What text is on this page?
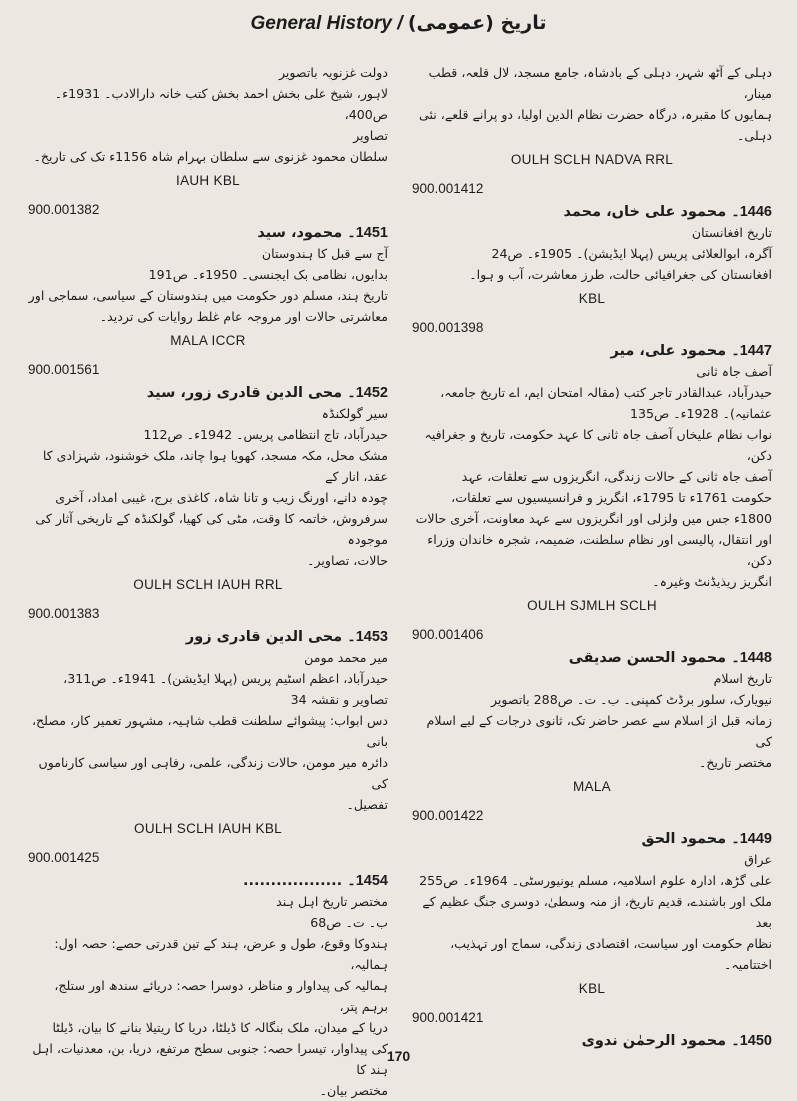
General History / تاریخ (عمومی)
دہلی کے آٹھ شہر، دہلی کے بادشاہ، جامع مسجد، لال قلعہ، قطب مینار،
ہمایوں کا مقبرہ، درگاہ حضرت نظام الدین اولیا، دو پرانے قلعے، نئی
دہلی۔
OULH SCLH NADVA RRL
900.001412
1446۔ محمود علی خاں، محمد
تاریخ افغانستان
آگرہ، ابوالعلائی پریس (پہلا ایڈیشن)۔ 1905ء۔ ص24
افغانستان کی جغرافیائی حالت، طرز معاشرت، آب و ہوا۔
KBL
900.001398
1447۔ محمود علی، میر
آصف جاہ ثانی
حیدرآباد، عبدالقادر تاجر کتب (مقالہ امتحان ایم، اے تاریخ جامعہ،
عثمانیہ)۔ 1928ء۔ ص135
نواب نظام علیخاں آصف جاہ ثانی کا عہد حکومت، تاریخ و جغرافیہ دکن،
آصف جاہ ثانی کے حالات زندگی، انگریزوں سے تعلقات، عہد
حکومت 1761ء تا 1795ء، انگریز و فرانسیسیوں سے تعلقات،
1800ء جس میں ولزلی اور انگریزوں سے عہد معاونت، آخری حالات
اور انتقال، پالیسی اور نظام سلطنت، ضمیمہ، شجرہ خاندان وزراء دکن،
انگریز ریذیڈنٹ وغیرہ۔
OULH SJMLH SCLH
900.001406
1448۔ محمود الحسن صدیقی
تاریخ اسلام
نیویارک، سلور برڈٹ کمپنی۔ ب۔ ت۔ ص288 باتصویر
زمانہ قبل از اسلام سے عصر حاضر تک، ثانوی درجات کے لیے اسلام کی
مختصر تاریخ۔
MALA
900.001422
1449۔ محمود الحق
عراق
علی گڑھ، ادارہ علوم اسلامیہ، مسلم یونیورسٹی۔ 1964ء۔ ص255
ملک اور باشندے، قدیم تاریخ، از منہ وسطیٰ، دوسری جنگ عظیم کے بعد
نظام حکومت اور سیاست، اقتصادی زندگی، سماج اور تہذیب، اختتامیہ۔
KBL
900.001421
1450۔ محمود الرحمٰن ندوی
دولت غزنویہ باتصویر
لاہور، شیخ علی بخش احمد بخش کتب خانہ دارالادب۔ 1931ء۔ ص400،
تصاویر
سلطان محمود غزنوی سے سلطان بہرام شاہ 1156ء تک کی تاریخ۔
IAUH KBL
900.001382
1451۔ محمود، سید
آج سے قبل کا ہندوستان
بدایوں، نظامی بک ایجنسی۔ 1950ء۔ ص191
تاریخ ہند، مسلم دور حکومت میں ہندوستان کے سیاسی، سماجی اور
معاشرتی حالات اور مروجہ عام غلط روایات کی تردید۔
MALA ICCR
900.001561
1452۔ محی الدین قادری زور، سید
سیر گولکنڈہ
حیدرآباد، تاج انتظامی پریس۔ 1942ء۔ ص112
مشک محل، مکہ مسجد، کھویا ہوا چاند، ملک خوشنود، شہزادی کا عقد، انار کے
چودہ دانے، اورنگ زیب و تانا شاہ، کاغذی برج، غیبی امداد، آخری
سرفروش، خاتمہ کا وقت، مٹی کی کھیا، گولکنڈہ کے تاریخی آثار کی موجودہ
حالات، تصاویر۔
OULH SCLH IAUH RRL
900.001383
1453۔ محی الدین قادری زور
میر محمد مومن
حیدرآباد، اعظم اسٹیم پریس (پہلا ایڈیشن)۔ 1941ء۔ ص311،
تصاویر و نقشہ 34
دس ابواب: پیشوائے سلطنت قطب شاہیہ، مشہور تعمیر کار، مصلح، بانی
دائرہ میر مومن، حالات زندگی، علمی، رفاہی اور سیاسی کارناموں کی
تفصیل۔
OULH SCLH IAUH KBL
900.001425
1454۔ ..................
مختصر تاریخ اہل ہند
ب۔ ت۔ ص68
ہندوکا وقوع، طول و عرض، ہند کے تین قدرتی حصے: حصہ اول: ہمالیہ،
ہمالیہ کی پیداوار و مناظر، دوسرا حصہ: دریائے سندھ اور ستلج، برہم پتر،
دریا کے میدان، ملک بنگالہ کا ڈیلٹا، دریا کا ریتیلا بنانے کا بیان، ڈیلٹا
کی پیداوار، تیسرا حصہ: جنوبی سطح مرتفع، دریا، بن، معدنیات، اہل ہند کا
مختصر بیان۔
170
